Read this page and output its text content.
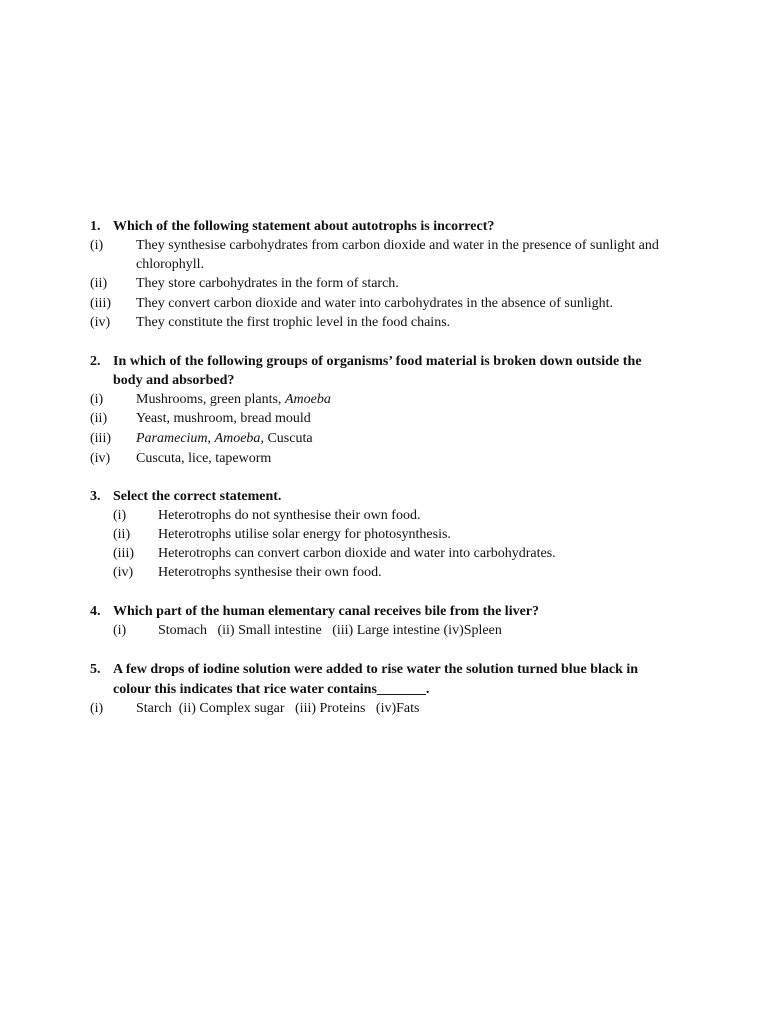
1. Which of the following statement about autotrophs is incorrect?
(i) They synthesise carbohydrates from carbon dioxide and water in the presence of sunlight and
chlorophyll.
(ii) They store carbohydrates in the form of starch.
(iii) They convert carbon dioxide and water into carbohydrates in the absence of sunlight.
(iv) They constitute the first trophic level in the food chains.
2. In which of the following groups of organisms’ food material is broken down outside the
body and absorbed?
(i) Mushrooms, green plants, Amoeba
(ii) Yeast, mushroom, bread mould
(iii) Paramecium, Amoeba, Cuscuta
(iv) Cuscuta, lice, tapeworm
3. Select the correct statement.
(i) Heterotrophs do not synthesise their own food.
(ii) Heterotrophs utilise solar energy for photosynthesis.
(iii) Heterotrophs can convert carbon dioxide and water into carbohydrates.
(iv) Heterotrophs synthesise their own food.
4. Which part of the human elementary canal receives bile from the liver?
(i) Stomach   (ii) Small intestine   (iii) Large intestine (iv)Spleen
5. A few drops of iodine solution were added to rise water the solution turned blue black in
colour this indicates that rice water contains_______.
(i) Starch  (ii) Complex sugar   (iii) Proteins   (iv)Fats
